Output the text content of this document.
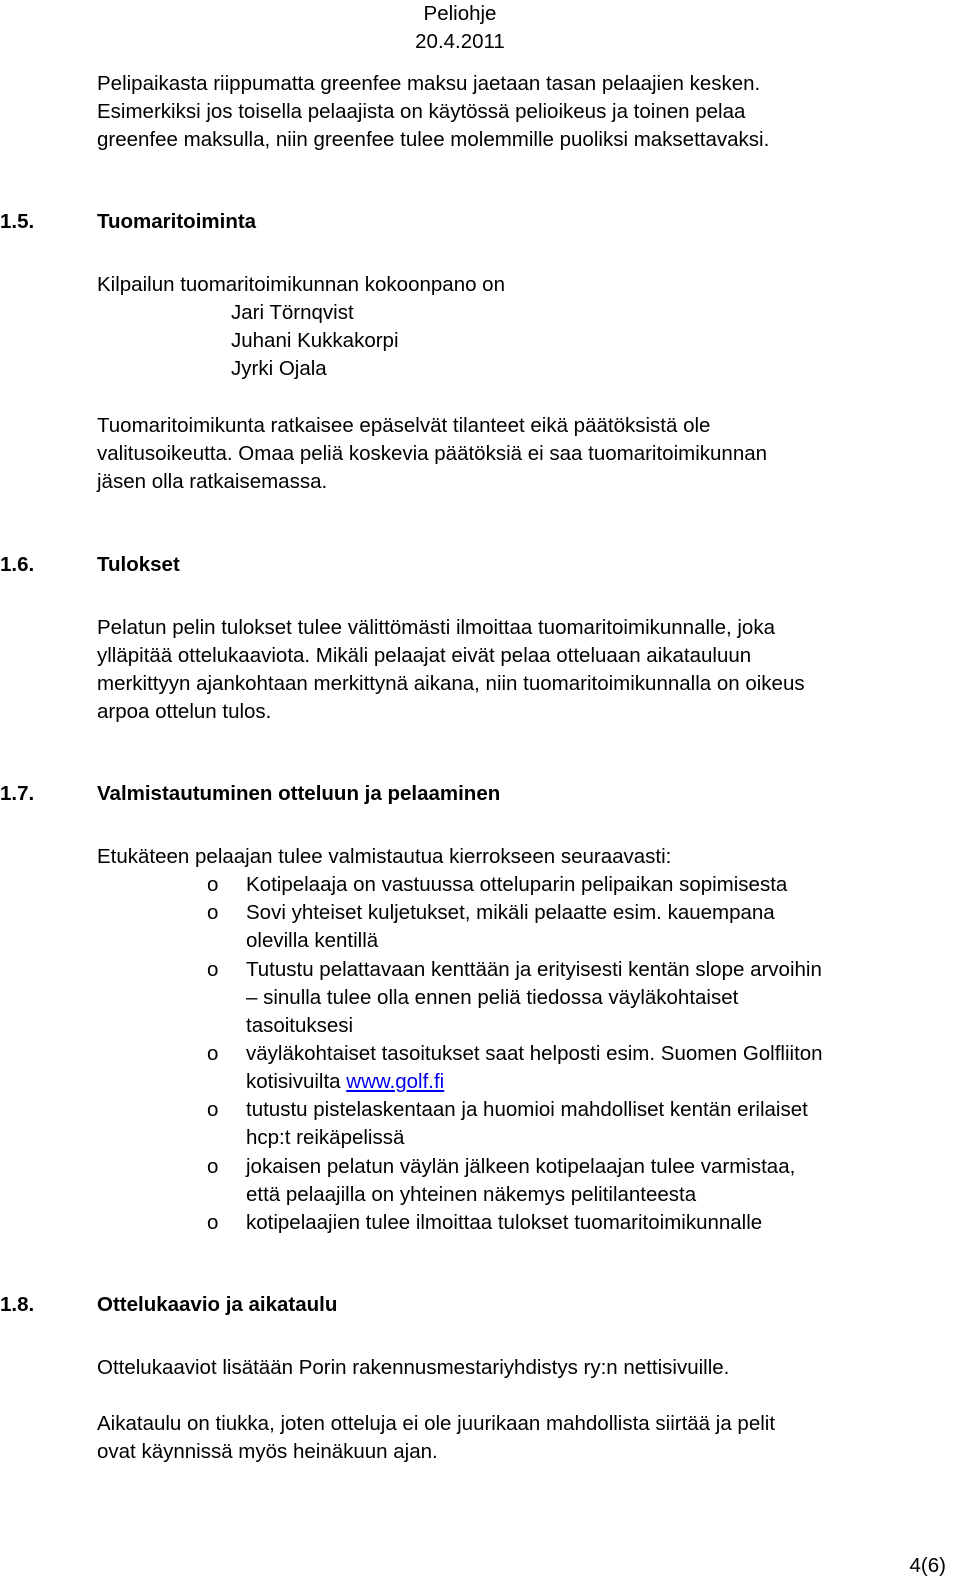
Peliohje
20.4.2011
Pelipaikasta riippumatta greenfee maksu jaetaan tasan pelaajien kesken.
Esimerkiksi jos toisella pelaajista on käytössä pelioikeus ja toinen pelaa
greenfee maksulla, niin greenfee tulee molemmille puoliksi maksettavaksi.
1.5.	Tuomaritoiminta
Kilpailun tuomaritoimikunnan kokoonpano on
Jari Törnqvist
Juhani Kukkakorpi
Jyrki Ojala
Tuomaritoimikunta ratkaisee epäselvät tilanteet eikä päätöksistä ole
valitusoikeutta. Omaa peliä koskevia päätöksiä ei saa tuomaritoimikunnan
jäsen olla ratkaisemassa.
1.6.	Tulokset
Pelatun pelin tulokset tulee välittömästi ilmoittaa tuomaritoimikunnalle, joka
ylläpitää ottelukaaviota. Mikäli pelaajat eivät pelaa otteluaan aikatauluun
merkittyyn ajankohtaan merkittynä aikana, niin tuomaritoimikunnalla on oikeus
arpoa ottelun tulos.
1.7.	Valmistautuminen otteluun ja pelaaminen
Etukäteen pelaajan tulee valmistautua kierrokseen seuraavasti:
o Kotipelaaja on vastuussa otteluparin pelipaikan sopimisesta
o Sovi yhteiset kuljetukset, mikäli pelaatte esim. kauempana
olevilla kentillä
o Tutustu pelattavaan kenttään ja erityisesti kentän slope arvoihin
– sinulla tulee olla ennen peliä tiedossa väyläkohtaiset
tasoituksesi
o väyläkohtaiset tasoitukset saat helposti esim. Suomen Golfliiton
kotisivuilta www.golf.fi
o tutustu pistelaskentaan ja huomioi mahdolliset kentän erilaiset
hcp:t reikäpelissä
o jokaisen pelatun väylän jälkeen kotipelaajan tulee varmistaa,
että pelaajilla on yhteinen näkemys pelitilanteesta
o kotipelaajien tulee ilmoittaa tulokset tuomaritoimikunnalle
1.8.	Ottelukaavio ja aikataulu
Ottelukaaviot lisätään Porin rakennusmestariyhdistys ry:n nettisivuille.
Aikataulu on tiukka, joten otteluja ei ole juurikaan mahdollista siirtää ja pelit
ovat käynnissä myös heinäkuun ajan.
4(6)
